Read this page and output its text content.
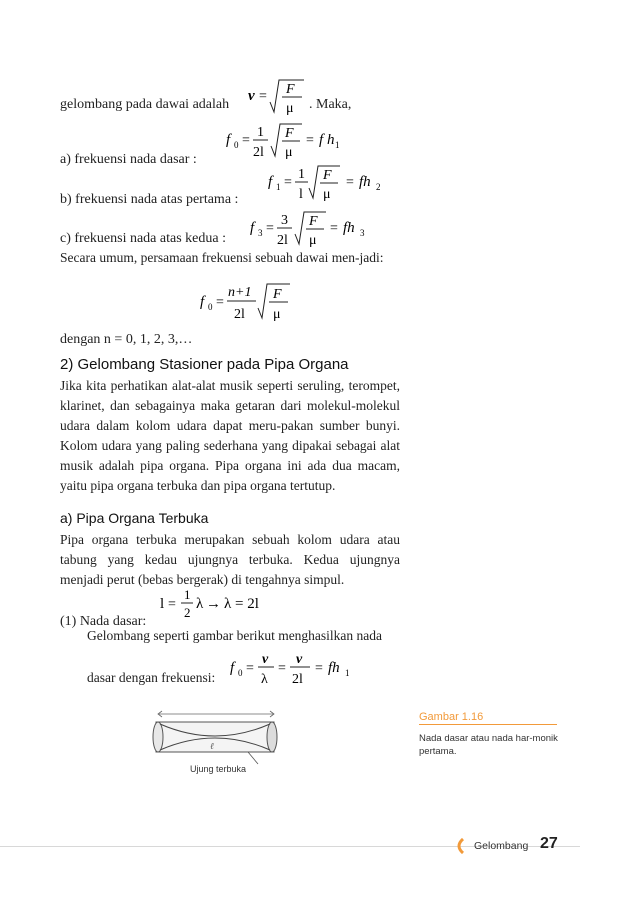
gelombang pada dawai adalah
v = F
μ . Maka,
a) frekuensi nada dasar :
f 0 =
1
2l
F
μ
= f h 1
b) frekuensi nada atas pertama :
f 1 =
1
l
F
μ
= fh 2
c) frekuensi nada atas kedua :
f 3 =
3
2l
F
μ
= fh 3
Secara umum, persamaan frekuensi sebuah dawai men-jadi:
f 0 =
n+1
2l
F
μ
dengan n = 0, 1, 2, 3,…
2) Gelombang Stasioner pada Pipa Organa
Jika kita perhatikan alat-alat musik seperti seruling, terompet, klarinet, dan sebagainya maka getaran dari molekul-molekul udara dalam kolom udara dapat meru-pakan sumber bunyi. Kolom udara yang paling sederhana yang dipakai sebagai alat musik adalah pipa organa. Pipa organa ini ada dua macam, yaitu pipa organa terbuka dan pipa organa tertutup.
a) Pipa Organa Terbuka
Pipa organa terbuka merupakan sebuah kolom udara atau tabung yang kedau ujungnya terbuka. Kedua ujungnya menjadi perut (bebas bergerak) di tengahnya simpul.
l =
1
2
λ → λ = 2l
(1) Nada dasar:
Gelombang seperti gambar berikut menghasilkan nada
dasar dengan frekuensi:
f 0 =
v
λ
=
v
2l
= fh 1
ℓ
Ujung terbuka
Gambar 1.16
Nada dasar atau nada har-monik pertama.
Gelombang 27
